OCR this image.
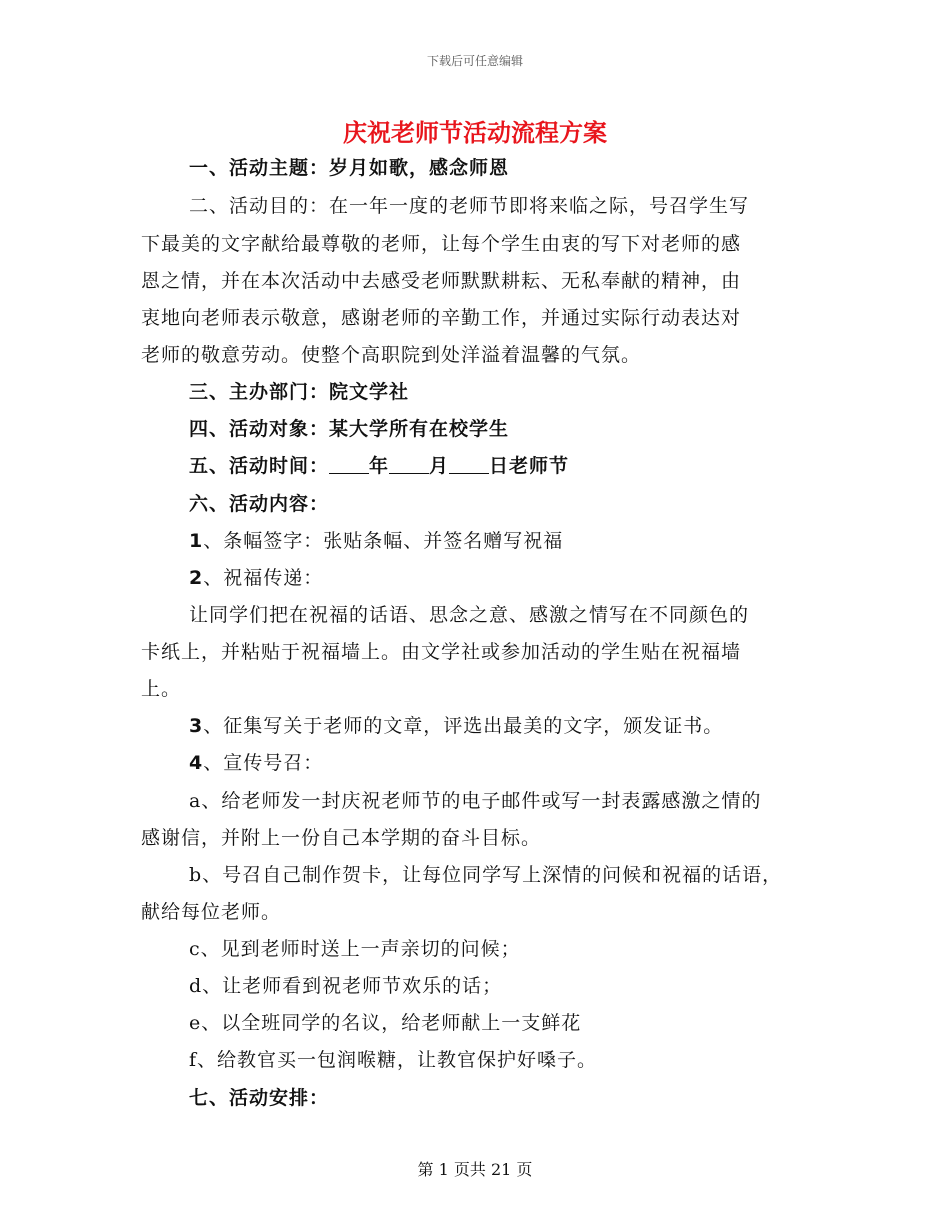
下载后可任意编辑
庆祝老师节活动流程方案
一、活动主题：岁月如歌，感念师恩
二、活动目的：在一年一度的老师节即将来临之际，号召学生写
下最美的文字献给最尊敬的老师，让每个学生由衷的写下对老师的感
恩之情，并在本次活动中去感受老师默默耕耘、无私奉献的精神，由
衷地向老师表示敬意，感谢老师的辛勤工作，并通过实际行动表达对
老师的敬意劳动。使整个高职院到处洋溢着温馨的气氛。
三、主办部门：院文学社
四、活动对象：某大学所有在校学生
五、活动时间： 年 月 日老师节
六、活动内容：
1、条幅签字：张贴条幅、并签名赠写祝福
2、祝福传递：
让同学们把在祝福的话语、思念之意、感激之情写在不同颜色的
卡纸上，并粘贴于祝福墙上。由文学社或参加活动的学生贴在祝福墙
上。
3、征集写关于老师的文章，评选出最美的文字，颁发证书。
4、宣传号召：
a、给老师发一封庆祝老师节的电子邮件或写一封表露感激之情的
感谢信，并附上一份自己本学期的奋斗目标。
b、号召自己制作贺卡，让每位同学写上深情的问候和祝福的话语，
献给每位老师。
c、见到老师时送上一声亲切的问候；
d、让老师看到祝老师节欢乐的话；
e、以全班同学的名议，给老师献上一支鲜花
f、给教官买一包润喉糖，让教官保护好嗓子。
七、活动安排：
第 1 页共 21 页
